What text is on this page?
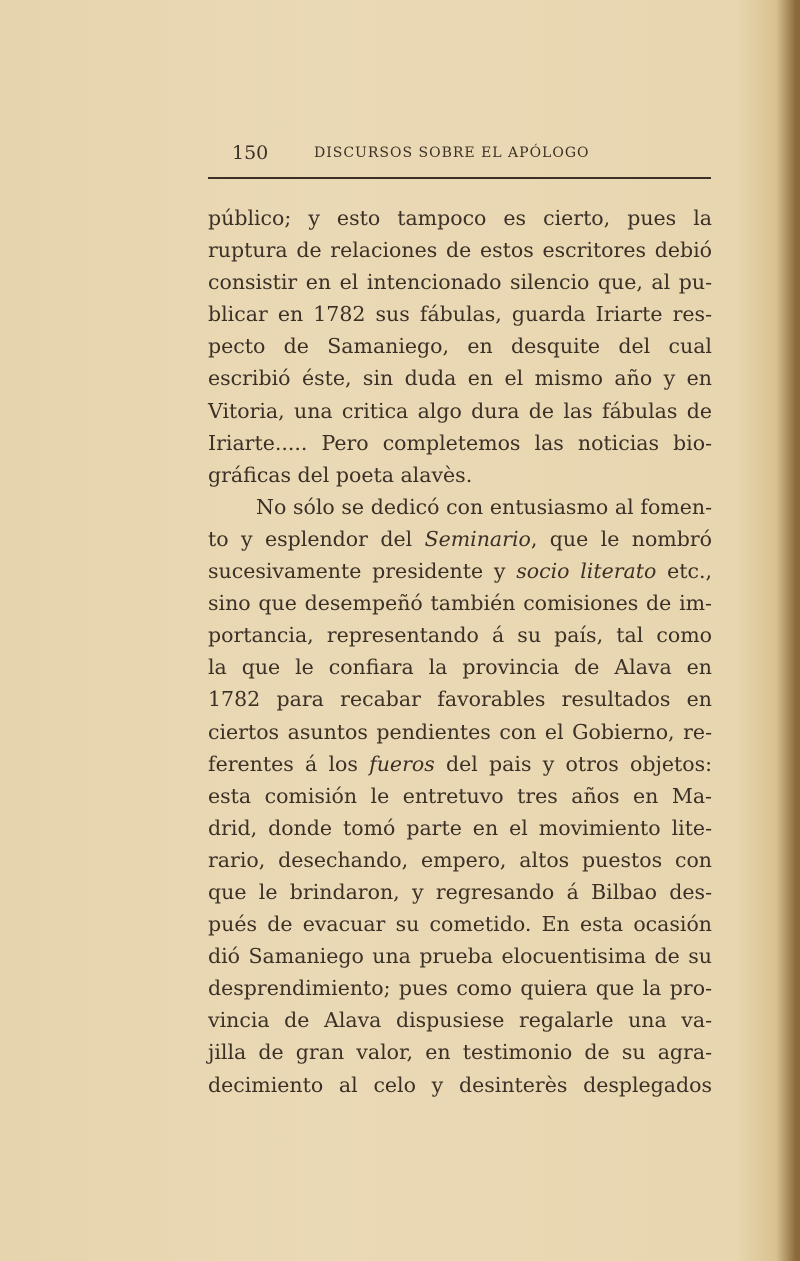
150	DISCURSOS SOBRE EL APÓLOGO
público; y esto tampoco es cierto, pues la
ruptura de relaciones de estos escritores debió
consistir en el intencionado silencio que, al pu-
blicar en 1782 sus fábulas, guarda Iriarte res-
pecto de Samaniego, en desquite del cual
escribió éste, sin duda en el mismo año y en
Vitoria, una critica algo dura de las fábulas de
Iriarte..... Pero completemos las noticias bio-
gráficas del poeta alavès.
No sólo se dedicó con entusiasmo al fomen-
to y esplendor del Seminario, que le nombró
sucesivamente presidente y socio literato etc.,
sino que desempeñó también comisiones de im-
portancia, representando á su país, tal como
la que le confiara la provincia de Alava en
1782 para recabar favorables resultados en
ciertos asuntos pendientes con el Gobierno, re-
ferentes á los fueros del pais y otros objetos:
esta comisión le entretuvo tres años en Ma-
drid, donde tomó parte en el movimiento lite-
rario, desechando, empero, altos puestos con
que le brindaron, y regresando á Bilbao des-
pués de evacuar su cometido. En esta ocasión
dió Samaniego una prueba elocuentisima de su
desprendimiento; pues como quiera que la pro-
vincia de Alava dispusiese regalarle una va-
jilla de gran valor, en testimonio de su agra-
decimiento al celo y desinterès desplegados
